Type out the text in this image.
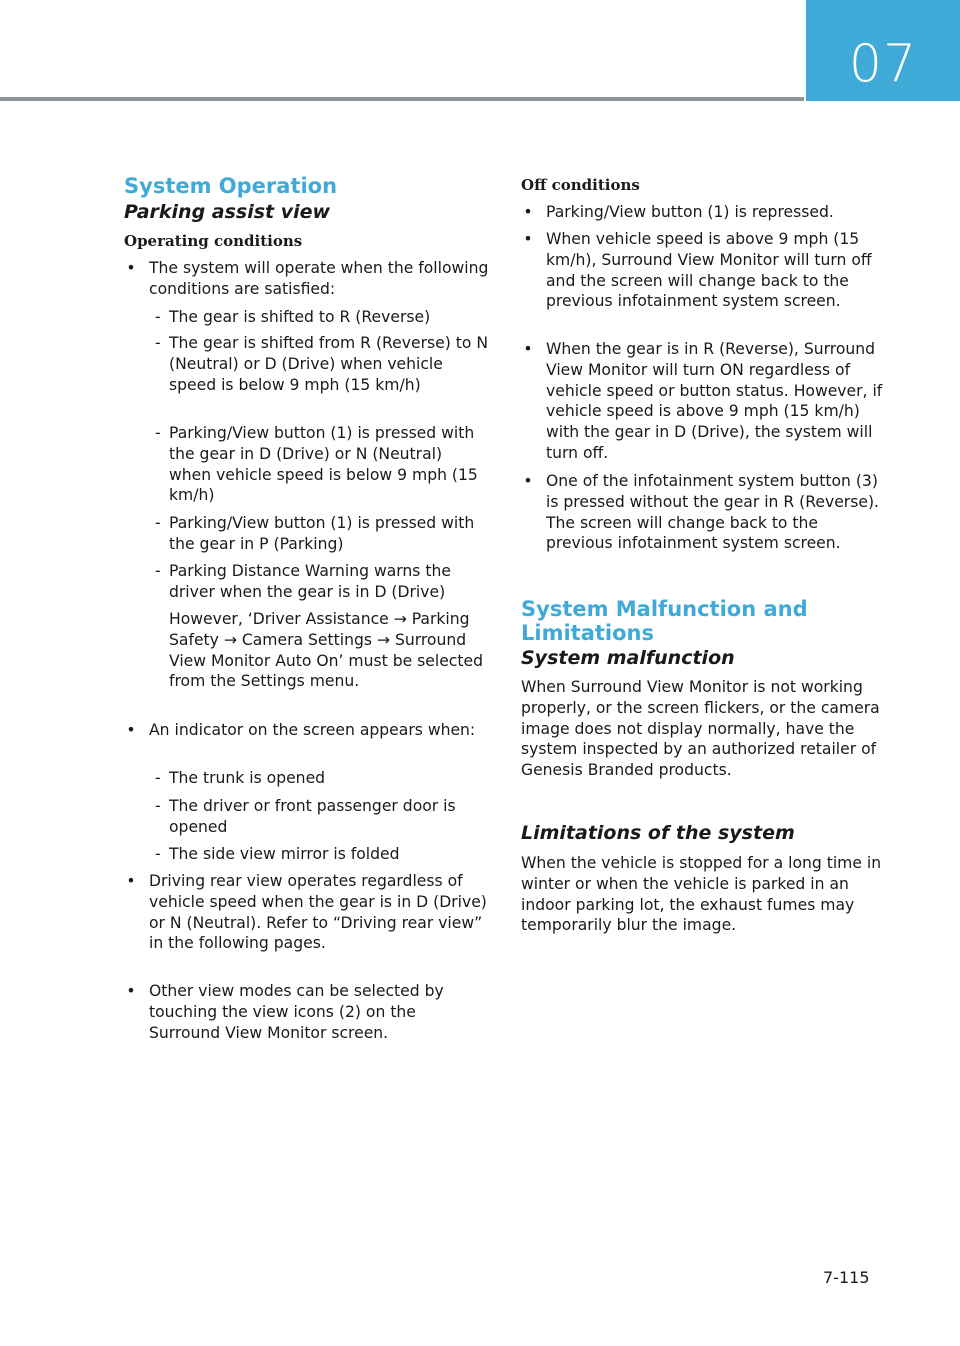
07
System Operation
Parking assist view
Operating conditions
• The system will operate when the following conditions are satisfied:
- The gear is shifted to R (Reverse)
- The gear is shifted from R (Reverse) to N (Neutral) or D (Drive) when vehicle speed is below 9 mph (15 km/h)
- Parking/View button (1) is pressed with the gear in D (Drive) or N (Neutral) when vehicle speed is below 9 mph (15 km/h)
- Parking/View button (1) is pressed with the gear in P (Parking)
- Parking Distance Warning warns the driver when the gear is in D (Drive)

However, ‘Driver Assistance → Parking Safety → Camera Settings → Surround View Monitor Auto On’ must be selected from the Settings menu.

• An indicator on the screen appears when:
- The trunk is opened
- The driver or front passenger door is opened
- The side view mirror is folded
• Driving rear view operates regardless of vehicle speed when the gear is in D (Drive) or N (Neutral). Refer to “Driving rear view” in the following pages.
• Other view modes can be selected by touching the view icons (2) on the Surround View Monitor screen.
Off conditions
• Parking/View button (1) is repressed.
• When vehicle speed is above 9 mph (15 km/h), Surround View Monitor will turn off and the screen will change back to the previous infotainment system screen.
• When the gear is in R (Reverse), Surround View Monitor will turn ON regardless of vehicle speed or button status. However, if vehicle speed is above 9 mph (15 km/h) with the gear in D (Drive), the system will turn off.
• One of the infotainment system button (3) is pressed without the gear in R (Reverse). The screen will change back to the previous infotainment system screen.
System Malfunction and Limitations
System malfunction

When Surround View Monitor is not working properly, or the screen flickers, or the camera image does not display normally, have the system inspected by an authorized retailer of Genesis Branded products.

Limitations of the system

When the vehicle is stopped for a long time in winter or when the vehicle is parked in an indoor parking lot, the exhaust fumes may temporarily blur the image.

7-115
